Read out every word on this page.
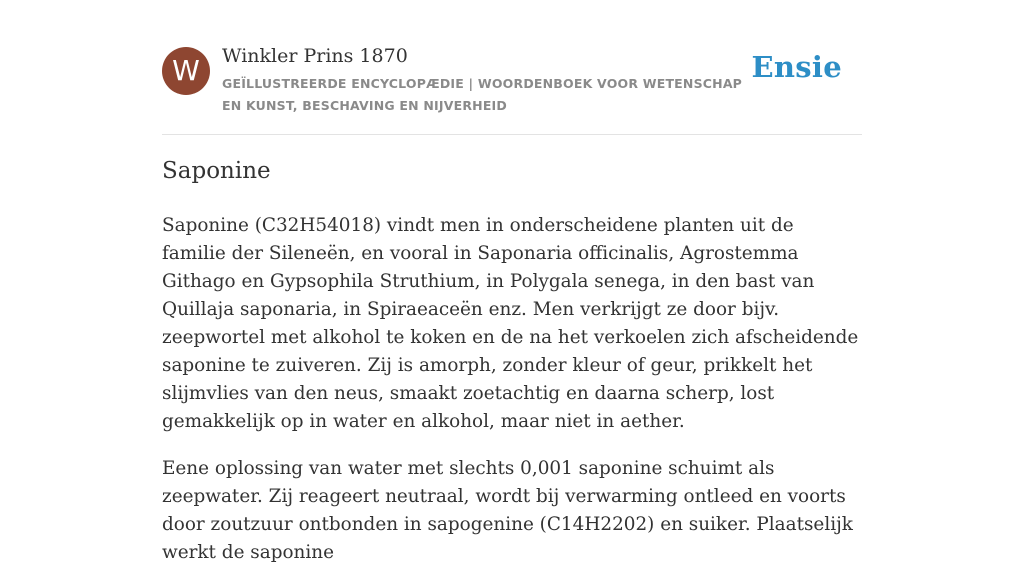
W	Winkler Prins 1870
GEÏLLUSTREERDE ENCYCLOPÆDIE | WOORDENBOEK VOOR WETENSCHAP EN KUNST, BESCHAVING EN NIJVERHEID
Ensie
Saponine

Saponine (C32H54018) vindt men in onderscheidene planten uit de familie der Sileneën, en vooral in Saponaria officinalis, Agrostemma Githago en Gypsophila Struthium, in Polygala senega, in den bast van Quillaja saponaria, in Spiraeaceën enz. Men verkrijgt ze door bijv. zeepwortel met alkohol te koken en de na het verkoelen zich afscheidende saponine te zuiveren. Zij is amorph, zonder kleur of geur, prikkelt het slijmvlies van den neus, smaakt zoetachtig en daarna scherp, lost gemakkelijk op in water en alkohol, maar niet in aether.

Eene oplossing van water met slechts 0,001 saponine schuimt als zeepwater. Zij reageert neutraal, wordt bij verwarming ontleed en voorts door zoutzuur ontbonden in sapogenine (C14H2202) en suiker. Plaatselijk werkt de saponine
